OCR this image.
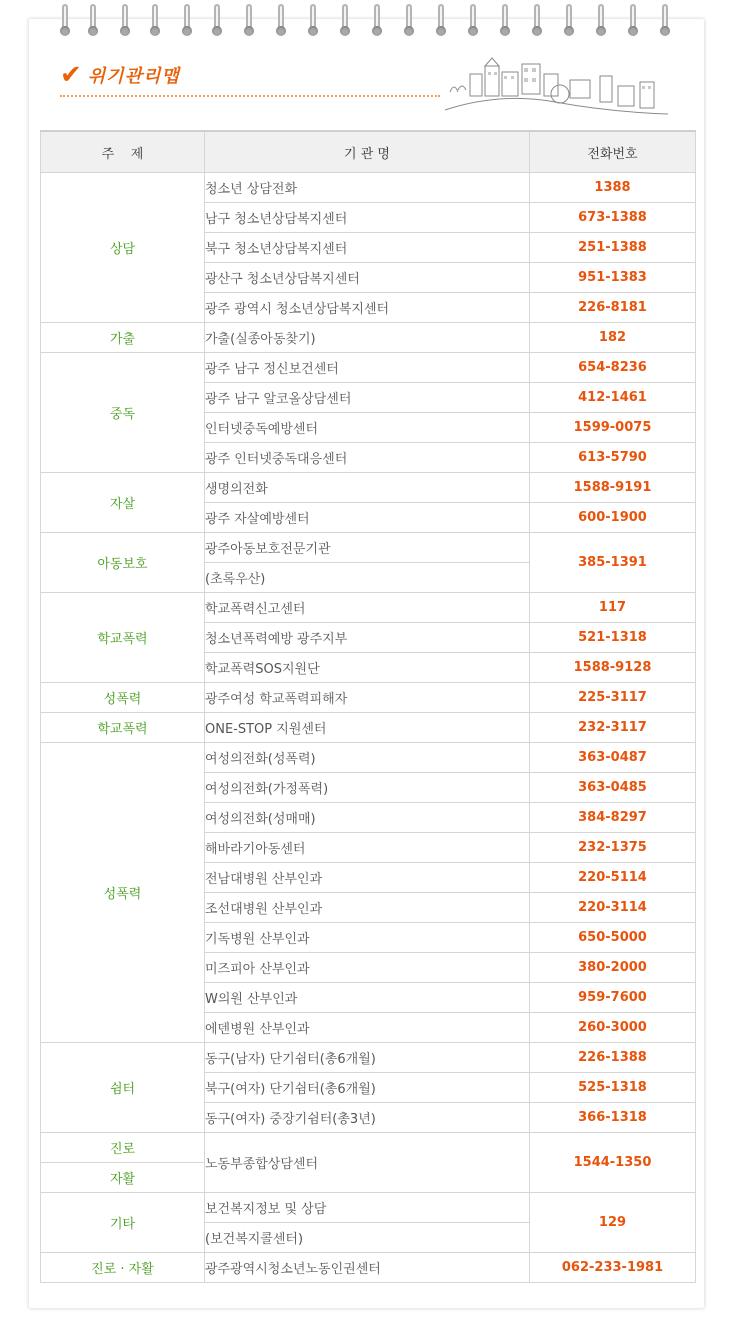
✔ 위기관리맵
주    제	기 관 명	전화번호
상담	청소년 상담전화	1388
	남구 청소년상담복지센터	673-1388
	북구 청소년상담복지센터	251-1388
	광산구 청소년상담복지센터	951-1383
	광주 광역시 청소년상담복지센터	226-8181
가출	가출(실종아동찾기)	182
중독	광주 남구 정신보건센터	654-8236
	광주 남구 알코올상담센터	412-1461
	인터넷중독예방센터	1599-0075
	광주 인터넷중독대응센터	613-5790
자살	생명의전화	1588-9191
	광주 자살예방센터	600-1900
아동보호	광주아동보호전문기관	385-1391
	(초록우산)	
학교폭력	학교폭력신고센터	117
	청소년폭력예방 광주지부	521-1318
	학교폭력SOS지원단	1588-9128
성폭력	광주여성 학교폭력피해자	225-3117
학교폭력	ONE-STOP 지원센터	232-3117
성폭력	여성의전화(성폭력)	363-0487
	여성의전화(가정폭력)	363-0485
	여성의전화(성매매)	384-8297
	해바라기아동센터	232-1375
	전남대병원 산부인과	220-5114
	조선대병원 산부인과	220-3114
	기독병원 산부인과	650-5000
	미즈피아 산부인과	380-2000
	W의원 산부인과	959-7600
	에덴병원 산부인과	260-3000
쉼터	동구(남자) 단기쉼터(총6개월)	226-1388
	북구(여자) 단기쉼터(총6개월)	525-1318
	동구(여자) 중장기쉼터(총3년)	366-1318
진로	노동부종합상담센터	1544-1350
자활		
기타	보건복지정보 및 상담	129
	(보건복지콜센터)	
진로 · 자활	광주광역시청소년노동인권센터	062-233-1981
